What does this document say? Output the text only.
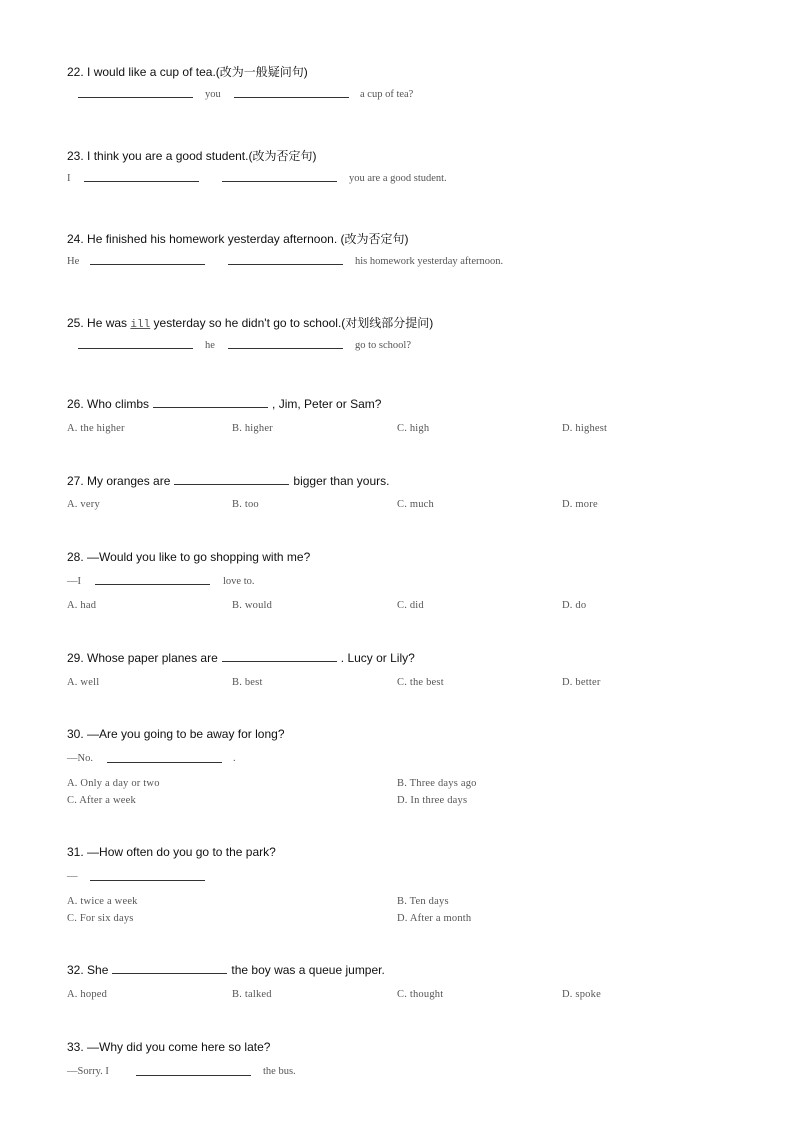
22. I would like a cup of tea.(改为一般疑问句)
you	a cup of tea?
23. I think you are a good student.(改为否定句)
I	you are a good student.
24. He finished his homework yesterday afternoon. (改为否定句)
He	his homework yesterday afternoon.
25. He was ill yesterday so he didn't go to school.(对划线部分提问)
he	go to school?
26. Who climbs	, Jim, Peter or Sam?
A. the higher	B. higher	C. high	D. highest
27. My oranges are	bigger than yours.
A. very	B. too	C. much	D. more
28. —Would you like to go shopping with me?
—I	love to.
A. had	B. would	C. did	D. do
29. Whose paper planes are	. Lucy or Lily?
A. well	B. best	C. the best	D. better
30. —Are you going to be away for long?
—No.	.
A. Only a day or two	B. Three days ago
C. After a week	D. In three days
31. —How often do you go to the park?
—
A. twice a week	B. Ten days
C. For six days	D. After a month
32. She	the boy was a queue jumper.
A. hoped	B. talked	C. thought	D. spoke
33. —Why did you come here so late?
—Sorry. I	the bus.
